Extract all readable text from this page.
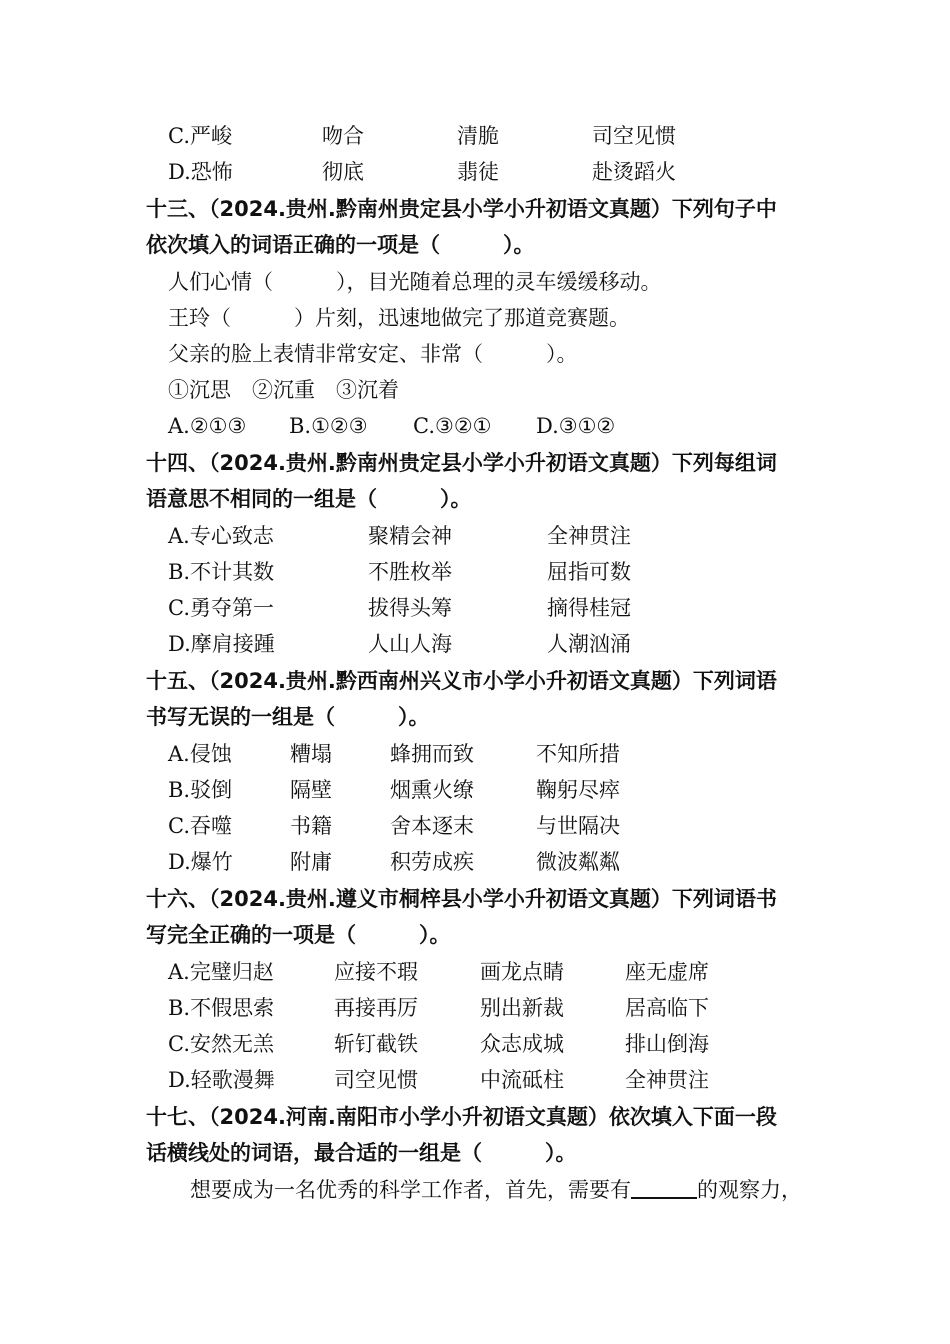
C.严峻	吻合	清脆	司空见惯
D.恐怖	彻底	翡徒	赴烫蹈火
十三、（2024.贵州.黔南州贵定县小学小升初语文真题）下列句子中
依次填入的词语正确的一项是（　　　）。
人们心情（　　　），目光随着总理的灵车缓缓移动。
王玲（　　　）片刻，迅速地做完了那道竞赛题。
父亲的脸上表情非常安定、非常（　　　）。
①沉思　②沉重　③沉着
A.②①③ B.①②③ C.③②① D.③①②
十四、（2024.贵州.黔南州贵定县小学小升初语文真题）下列每组词
语意思不相同的一组是（　　　）。
A.专心致志	聚精会神	全神贯注
B.不计其数	不胜枚举	屈指可数
C.勇夺第一	拔得头筹	摘得桂冠
D.摩肩接踵	人山人海	人潮汹涌
十五、（2024.贵州.黔西南州兴义市小学小升初语文真题）下列词语
书写无误的一组是（　　　）。
A.侵蚀	糟塌	蜂拥而致	不知所措
B.驳倒	隔壁	烟熏火缭	鞠躬尽瘁
C.吞噬	书籍	舍本逐末	与世隔决
D.爆竹	附庸	积劳成疾	微波粼粼
十六、（2024.贵州.遵义市桐梓县小学小升初语文真题）下列词语书
写完全正确的一项是（　　　）。
A.完璧归赵	应接不瑕	画龙点睛	座无虚席
B.不假思索	再接再厉	别出新裁	居高临下
C.安然无羔	斩钉截铁	众志成城	排山倒海
D.轻歌漫舞	司空见惯	中流砥柱	全神贯注
十七、（2024.河南.南阳市小学小升初语文真题）依次填入下面一段
话横线处的词语，最合适的一组是（　　　）。
想要成为一名优秀的科学工作者，首先，需要有	的观察力，
